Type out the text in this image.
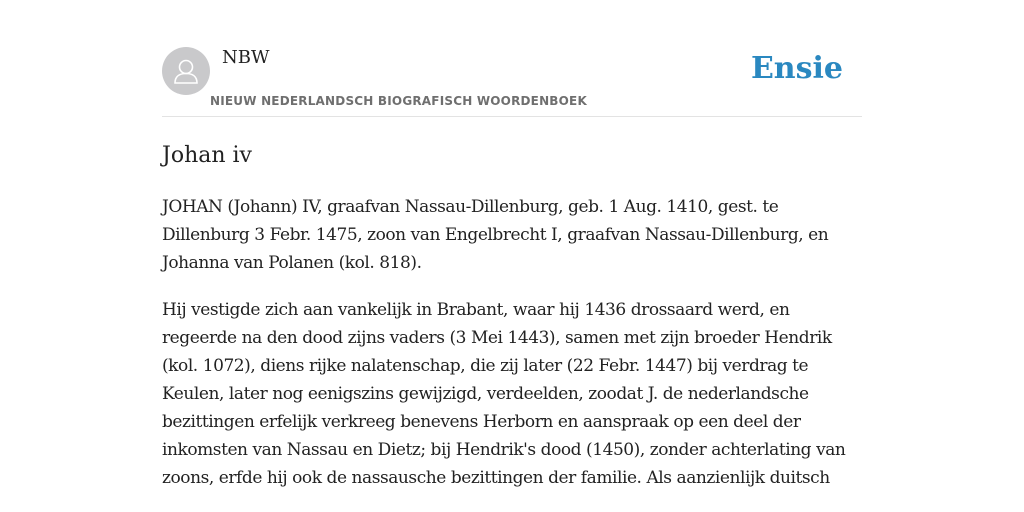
NBW

NIEUW NEDERLANDSCH BIOGRAFISCH WOORDENBOEK

Ensie
Johan iv

JOHAN (Johann) IV, graafvan Nassau-Dillenburg, geb. 1 Aug. 1410, gest. te Dillenburg 3 Febr. 1475, zoon van Engelbrecht I, graafvan Nassau-Dillenburg, en Johanna van Polanen (kol. 818).

Hij vestigde zich aan vankelijk in Brabant, waar hij 1436 drossaard werd, en regeerde na den dood zijns vaders (3 Mei 1443), samen met zijn broeder Hendrik (kol. 1072), diens rijke nalatenschap, die zij later (22 Febr. 1447) bij verdrag te Keulen, later nog eenigszins gewijzigd, verdeelden, zoodat J. de nederlandsche bezittingen erfelijk verkreeg benevens Herborn en aanspraak op een deel der inkomsten van Nassau en Dietz; bij Hendrik's dood (1450), zonder achterlating van zoons, erfde hij ook de nassausche bezittingen der familie. Als aanzienlijk duitsch
